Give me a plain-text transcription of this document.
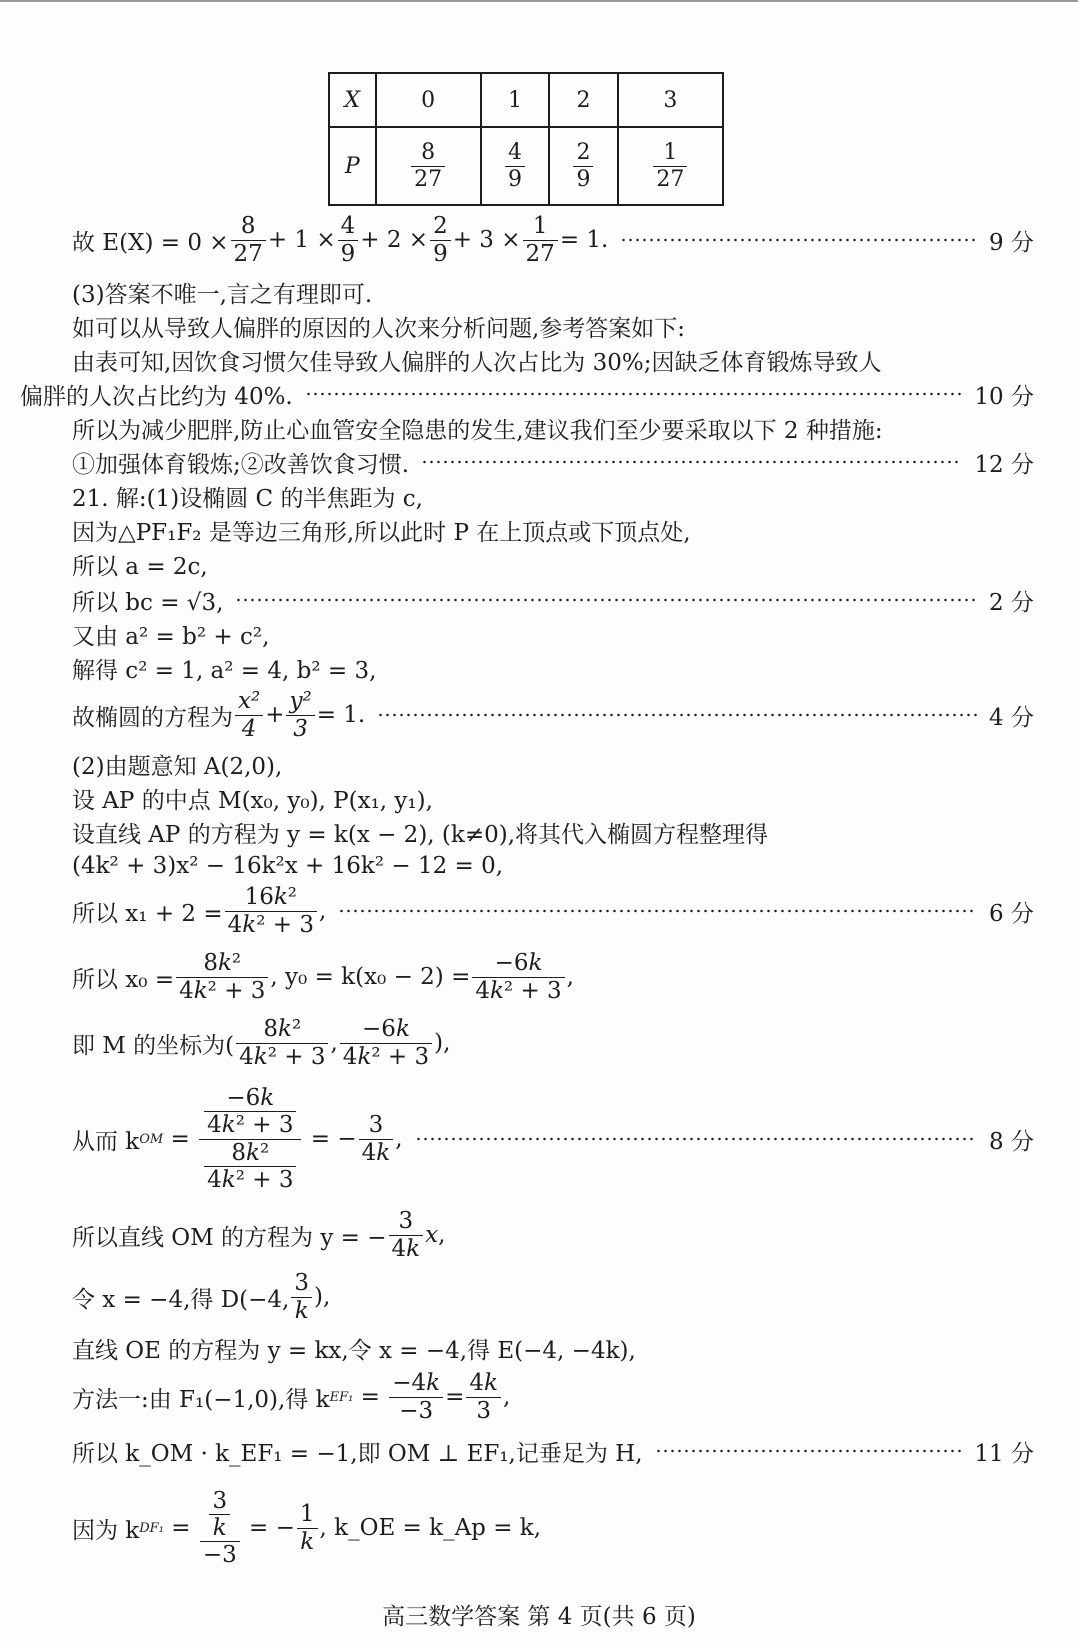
X	0	1	2	3
P	$\frac{8}{27}$	$\frac{4}{9}$	$\frac{2}{9}$	$\frac{1}{27}$
故 $E(X) = 0 \times \frac{8}{27} + 1 \times \frac{4}{9} + 2 \times \frac{2}{9} + 3 \times \frac{1}{27} = 1$.	9 分
(3)答案不唯一,言之有理即可.
如可以从导致人偏胖的原因的人次来分析问题,参考答案如下:
由表可知,因饮食习惯欠佳导致人偏胖的人次占比为 30%;因缺乏体育锻炼导致人
偏胖的人次占比约为 40%.	10 分
所以为减少肥胖,防止心血管安全隐患的发生,建议我们至少要采取以下 2 种措施:
①加强体育锻炼;②改善饮食习惯.	12 分
21. 解:(1)设椭圆 C 的半焦距为 c,
因为△PF₁F₂ 是等边三角形,所以此时 P 在上顶点或下顶点处,
所以 a = 2c,
所以 bc = √3,	2 分
又由 a² = b² + c²,
解得 c² = 1, a² = 4, b² = 3,
故椭圆的方程为 $\frac{\text{x²}}{4} + \frac{\text{y²}}{3} = 1$.	4 分
(2)由题意知 A(2,0),
设 AP 的中点 M(x₀, y₀), P(x₁, y₁),
设直线 AP 的方程为 y = k(x − 2), (k≠0),将其代入椭圆方程整理得
(4k² + 3)x² − 16k²x + 16k² − 12 = 0,
所以 $x_1 + 2 = \frac{\text{16k²}}{\text{4k² + 3}}$ ,	6 分
所以 $x_0 = \frac{\text{8k²}}{\text{4k² + 3}}$ , $y_0 = k(x_0 - 2) = \frac{-6k}{\text{4k² + 3}}$ ,
即 M 的坐标为( $\frac{\text{8k²}}{\text{4k² + 3}}$ , $\frac{-6k}{\text{4k² + 3}}$ ),
从而 k OM = $\frac{\frac{-6k}{\text{4k² + 3}}}{\frac{\text{8k²}}{\text{4k² + 3}}}$ = − $\frac{3}{4k}$ ,	8 分
所以直线 OM 的方程为 y = − $\frac{3}{4k}$ x ,
令 x = −4,得 D(−4, $\frac{3}{k}$ ),
直线 OE 的方程为 y = kx,令 x = −4,得 E(−4, −4k),
方法一:由 F₁(−1,0),得 k $EF_1 = \frac{-4k}{-3} = \frac{4k}{3}$ ,
所以 k_OM · k_EF₁ = −1,即 OM ⊥ EF₁,记垂足为 H,	11 分
因为 k $DF_1 = \frac{\frac{3}{k}}{-3}$ = − $\frac{1}{k}$ , k_OE = k_Ap = k,
高三数学答案 第 4 页(共 6 页)
